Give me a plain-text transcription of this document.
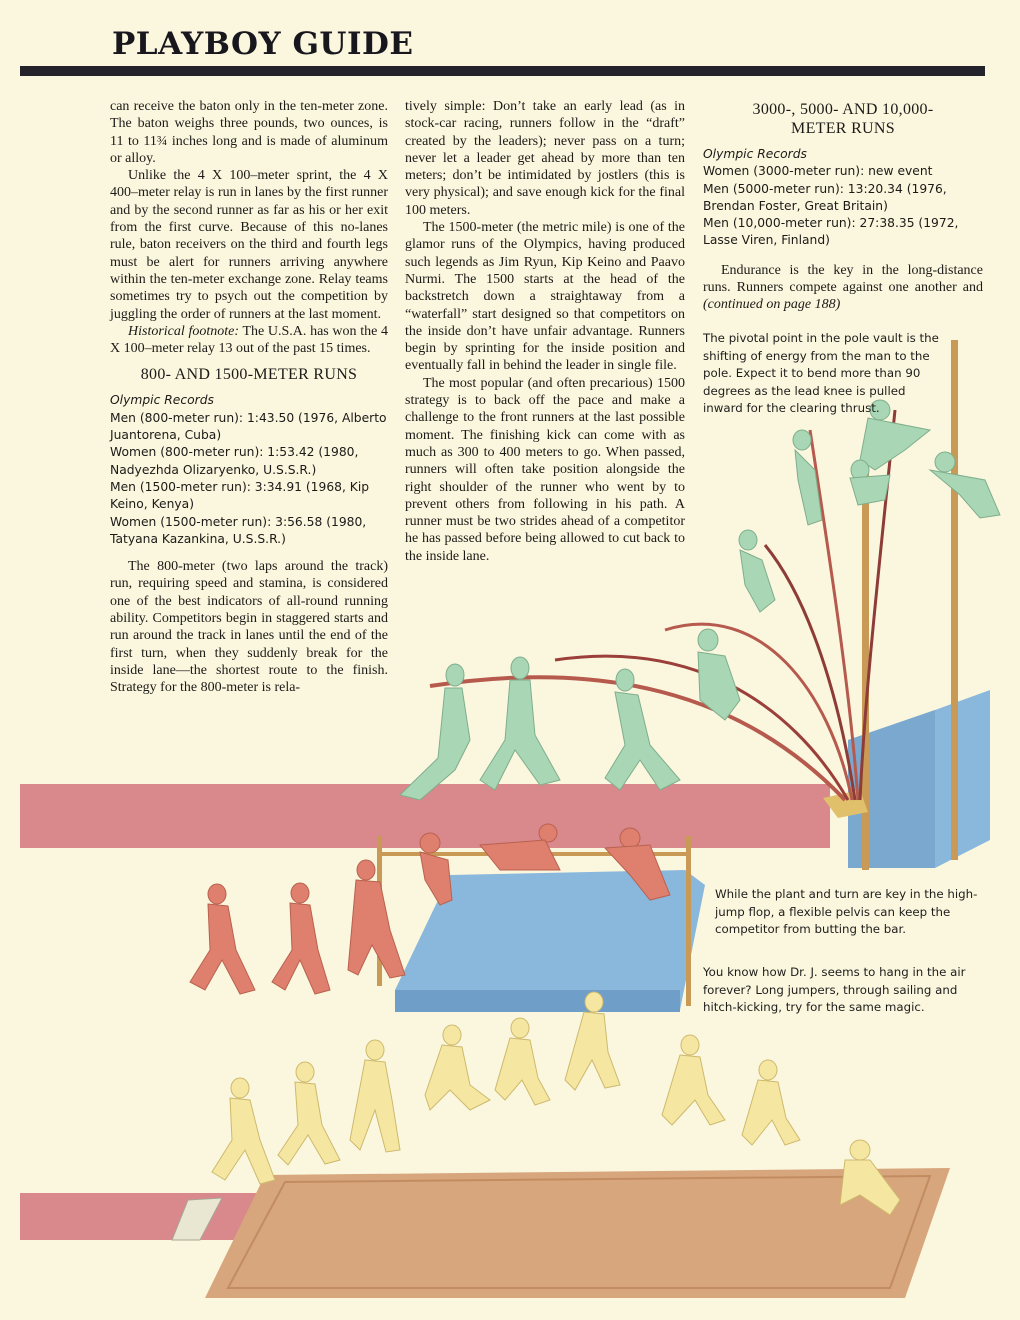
PLAYBOY GUIDE

can receive the baton only in the ten-meter zone. The baton weighs three pounds, two ounces, is 11 to 11¾ inches long and is made of aluminum or alloy.

Unlike the 4 X 100–meter sprint, the 4 X 400–meter relay is run in lanes by the first runner and by the second runner as far as his or her exit from the first curve. Because of this no-lanes rule, baton receivers on the third and fourth legs must be alert for runners arriving anywhere within the ten-meter exchange zone. Relay teams sometimes try to psych out the competition by juggling the order of runners at the last moment.

Historical footnote: The U.S.A. has won the 4 X 100–meter relay 13 out of the past 15 times.

800- AND 1500-METER RUNS
Olympic Records
Men (800-meter run): 1:43.50 (1976, Alberto Juantorena, Cuba)
Women (800-meter run): 1:53.42 (1980, Nadyezhda Olizaryenko, U.S.S.R.)
Men (1500-meter run): 3:34.91 (1968, Kip Keino, Kenya)
Women (1500-meter run): 3:56.58 (1980, Tatyana Kazankina, U.S.S.R.)

The 800-meter (two laps around the track) run, requiring speed and stamina, is considered one of the best indicators of all-round running ability. Competitors begin in staggered starts and run around the track in lanes until the end of the first turn, when they suddenly break for the inside lane—the shortest route to the finish. Strategy for the 800-meter is rela-

tively simple: Don’t take an early lead (as in stock-car racing, runners follow in the “draft” created by the leaders); never pass on a turn; never let a leader get ahead by more than ten meters; don’t be intimidated by jostlers (this is very physical); and save enough kick for the final 100 meters.

The 1500-meter (the metric mile) is one of the glamor runs of the Olympics, having produced such legends as Jim Ryun, Kip Keino and Paavo Nurmi. The 1500 starts at the head of the backstretch down a straightaway from a “waterfall” start designed so that competitors on the inside don’t have unfair advantage. Runners begin by sprinting for the inside position and eventually fall in behind the leader in single file.

The most popular (and often precarious) 1500 strategy is to back off the pace and make a challenge to the front runners at the last possible moment. The finishing kick can come with as much as 300 to 400 meters to go. When passed, runners will often take position alongside the right shoulder of the runner who went by to prevent others from following in his path. A runner must be two strides ahead of a competitor he has passed before being allowed to cut back to the inside lane.

3000-, 5000- AND 10,000-
METER RUNS
Olympic Records
Women (3000-meter run): new event
Men (5000-meter run): 13:20.34 (1976, Brendan Foster, Great Britain)
Men (10,000-meter run): 27:38.35 (1972, Lasse Viren, Finland)

Endurance is the key in the long-distance runs. Runners compete against one another and (continued on page 188)

The pivotal point in the pole vault is the shifting of energy from the man to the pole. Expect it to bend more than 90 degrees as the lead knee is pulled inward for the clearing thrust.
While the plant and turn are key in the high-jump flop, a flexible pelvis can keep the competitor from butting the bar.
You know how Dr. J. seems to hang in the air forever? Long jumpers, through sailing and hitch-kicking, try for the same magic.
